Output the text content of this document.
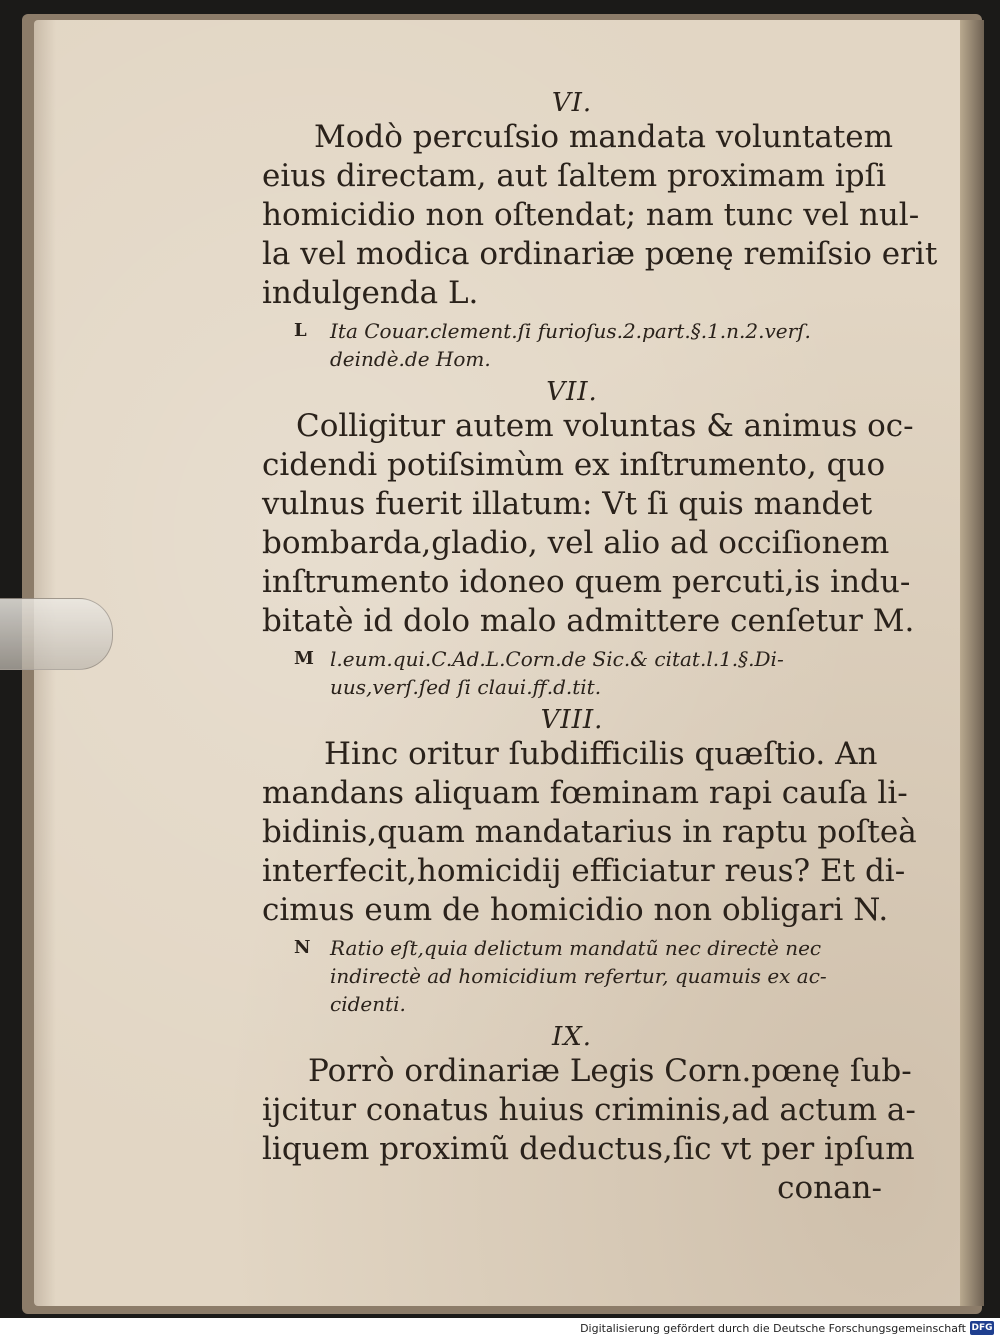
VI.

Modò percuſsio mandata voluntatem
eius directam, aut ſaltem proximam ipſi
homicidio non oſtendat; nam tunc vel nul-
la vel modica ordinariæ pœnę remiſsio erit
indulgenda L.

L Ita Couar.clement.ſi furioſus.2.part.§.1.n.2.verſ.
deindè.de Hom.

VII.

Colligitur autem voluntas & animus oc-
cidendi potiſsimùm ex inſtrumento, quo
vulnus fuerit illatum: Vt ſi quis mandet
bombarda,gladio, vel alio ad occiſionem
inſtrumento idoneo quem percuti,is indu-
bitatè id dolo malo admittere cenſetur M.

M l.eum.qui.C.Ad.L.Corn.de Sic.& citat.l.1.§.Di-
uus,verſ.ſed ſi claui.ff.d.tit.

VIII.

Hinc oritur ſubdifficilis quæſtio. An
mandans aliquam fœminam rapi cauſa li-
bidinis,quam mandatarius in raptu poſteà
interfecit,homicidij efficiatur reus? Et di-
cimus eum de homicidio non obligari N.

N Ratio eſt,quia delictum mandatũ nec directè nec
indirectè ad homicidium refertur, quamuis ex ac-
cidenti.

IX.

Porrò ordinariæ Legis Corn.pœnę ſub-
ijcitur conatus huius criminis,ad actum a-
liquem proximũ deductus,ſic vt per ipſum

conan-

Digitalisierung gefördert durch die Deutsche Forschungsgemeinschaft DFG
